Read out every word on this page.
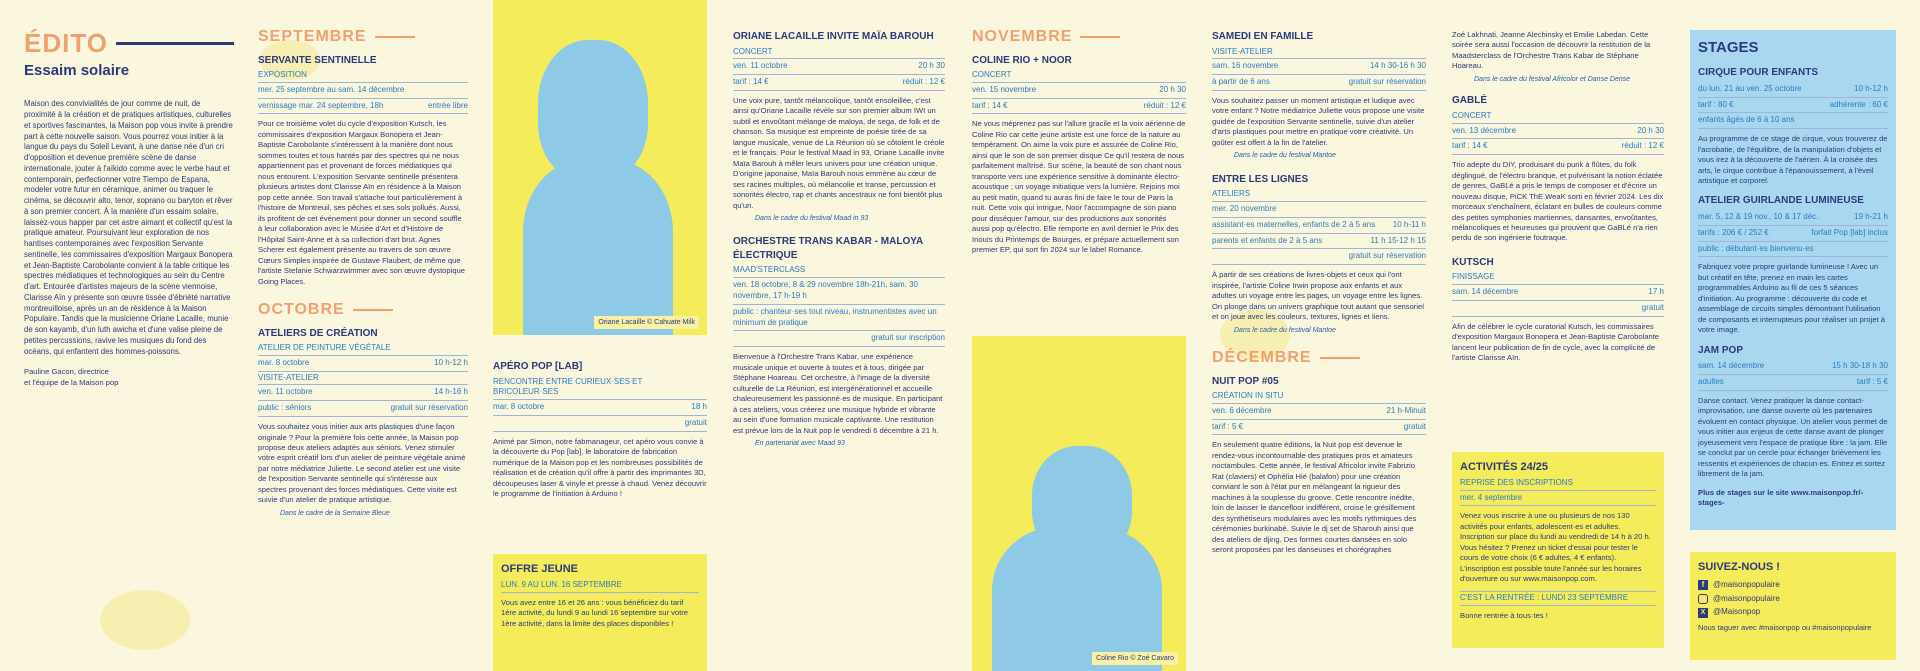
ÉDITO
Essaim solaire
Maison des convivialités de jour comme de nuit, de proximité à la création et de pratiques artistiques, culturelles et sportives fascinantes, la Maison pop vous invite à prendre part à cette nouvelle saison. Vous pourrez vous initier à la langue du pays du Soleil Levant, à une danse née d'un cri d'opposition et devenue première scène de danse internationale, jouter à l'aïkido comme avec le verbe haut et contemporain, perfectionner votre Tiempo de Espana, modeler votre futur en céramique, animer ou traquer le cinéma, se découvrir alto, tenor, soprano ou baryton et rêver à son premier concert. À la manière d'un essaim solaire, laissez-vous happer par cet astre aimant et collectif qu'est la pratique amateur. Poursuivant leur exploration de nos hantises contemporaines avec l'exposition Servante sentinelle, les commissaires d'exposition Margaux Bonopera et Jean-Baptiste Carobolante convient à la table critique les spectres médiatiques et technologiques au sein du Centre d'art. Entourée d'artistes majeurs de la scène viennoise, Clarisse Aïn y présente son œuvre tissée d'ébriété narrative montreuilloise, après un an de résidence à la Maison Populaire. Tandis que la musicienne Oriane Lacaille, munie de son kayamb, d'un luth awicha et d'une valise pleine de petites percussions, ravive les musiques du fond des océans, qui enfantent des hommes-poissons.
Pauline Gacon, directrice
et l'équipe de la Maison pop
SEPTEMBRE
SERVANTE SENTINELLE
EXPOSITION
mer. 25 septembre au sam. 14 décembre
vernissage mar. 24 septembre, 18h	entrée libre
Pour ce troisième volet du cycle d'exposition Kutsch, les commissaires d'exposition Margaux Bonopera et Jean-Baptiste Carobolante s'intéressent à la manière dont nous sommes toutes et tous hantés par des spectres qui ne nous appartiennent pas et provenant de forces médiatiques qui nous entourent. L'exposition Servante sentinelle présentera plusieurs artistes dont Clarisse Aïn en résidence à la Maison pop cette année. Son travail s'attache tout particulièrement à l'histoire de Montreuil, ses pêches et ses sols pollués. Aussi, ils profitent de cet événement pour donner un second souffle à leur collaboration avec le Musée d'Art et d'Histoire de l'Hôpital Saint-Anne et à sa collection d'art brut. Agnes Scherer est également présente au travers de son œuvre Cœurs Simples inspirée de Gustave Flaubert, de même que l'artiste Stefanie Schwarzwimmer avec son œuvre dystopique Going Places.
OCTOBRE
ATELIERS DE CRÉATION
ATELIER DE PEINTURE VÉGÉTALE
mar. 8 octobre	10 h-12 h
VISITE-ATELIER
ven. 11 octobre	14 h-16 h
public : séniors	gratuit sur réservation
Vous souhaitez vous initier aux arts plastiques d'une façon originale ? Pour la première fois cette année, la Maison pop propose deux ateliers adaptés aux séniors. Venez stimuler votre esprit créatif lors d'un atelier de peinture végétale animé par notre médiatrice Juliette. Le second atelier est une visite de l'exposition Servante sentinelle qui s'intéresse aux spectres provenant des forces médiatiques. Cette visite est suivie d'un atelier de pratique artistique.
Dans le cadre de la Semaine Bleue
Oriane Lacaille © Cahuate Milk
APÉRO POP [LAB]
RENCONTRE ENTRE CURIEUX·SES ET BRICOLEUR·SES
mar. 8 octobre	18 h
gratuit
Animé par Simon, notre fabmanageur, cet apéro vous convie à la découverte du Pop [lab], le laboratoire de fabrication numérique de la Maison pop et les nombreuses possibilités de réalisation et de création qu'il offre à partir des imprimantes 3D, découpeuses laser & vinyle et presse à chaud. Venez découvrir le programme de l'initiation à Arduino !
OFFRE JEUNE
LUN. 9 AU LUN. 16 SEPTEMBRE
Vous avez entre 16 et 26 ans : vous bénéficiez du tarif 1ère activité, du lundi 9 au lundi 16 septembre sur votre 1ère activité, dans la limite des places disponibles !
ORIANE LACAILLE INVITE MAÏA BAROUH
CONCERT
ven. 11 octobre	20 h 30
tarif : 14 €	réduit : 12 €
Une voix pure, tantôt mélancolique, tantôt ensoleillée, c'est ainsi qu'Oriane Lacaille révèle sur son premier album IWI un subtil et envoûtant mélange de maloya, de sega, de folk et de chanson. Sa musique est empreinte de poésie tirée de sa langue musicale, venue de La Réunion où se côtoient le créole et le français. Pour le festival Maad in 93, Oriane Lacaille invite Maïa Barouh à mêler leurs univers pour une création unique. D'origine japonaise, Maïa Barouh nous emmène au cœur de ses racines multiples, où mélancolie et transe, percussion et sonorités électro, rap et chants ancestraux ne font bientôt plus qu'un.
Dans le cadre du festival Maad in 93
ORCHESTRE TRANS KABAR - MALOYA ÉLECTRIQUE
MAAD'STERCLASS
ven. 18 octobre, 8 & 29 novembre 18h-21h, sam. 30 novembre, 17 h-19 h
public : chanteur·ses tout niveau, instrumentistes avec un minimum de pratique
gratuit sur inscription
Bienvenue à l'Orchestre Trans Kabar, une expérience musicale unique et ouverte à toutes et à tous, dirigée par Stéphane Hoareau. Cet orchestre, à l'image de la diversité culturelle de La Réunion, est intergénérationnel et accueille chaleureusement les passionné·es de musique. En participant à ces ateliers, vous créerez une musique hybride et vibrante au sein d'une formation musicale captivante. Une restitution est prévue lors de la Nuit pop le vendredi 6 décembre à 21 h.
En partenariat avec Maad 93
NOVEMBRE
COLINE RIO + NOOR
CONCERT
ven. 15 novembre	20 h 30
tarif : 14 €	réduit : 12 €
Ne vous méprenez pas sur l'allure gracile et la voix aérienne de Coline Rio car cette jeune artiste est une force de la nature au tempérament. On aime la voix pure et assurée de Coline Rio, ainsi que le son de son premier disque Ce qu'il restera de nous parfaitement maîtrisé. Sur scène, la beauté de son chant nous transporte vers une expérience sensitive à dominante électro-acoustique ; un voyage initiatique vers la lumière. Rejoins moi au petit matin, quand tu auras fini de faire le tour de Paris la nuit. Cette voix qui intrigue, Noor l'accompagne de son piano pour disséquer l'amour, sur des productions aux sonorités aussi pop qu'électro. Elle remporte en avril dernier le Prix des Inouïs du Printemps de Bourges, et prépare actuellement son premier EP, qui sort fin 2024 sur le label Romance.
Coline Rio © Zoé Cavaro
SAMEDI EN FAMILLE
VISITE-ATELIER
sam. 16 novembre	14 h 30-16 h 30
à partir de 6 ans	gratuit sur réservation
Vous souhaitez passer un moment artistique et ludique avec votre enfant ? Notre médiatrice Juliette vous propose une visite guidée de l'exposition Servante sentinelle, suivie d'un atelier d'arts plastiques pour mettre en pratique votre créativité. Un goûter est offert à la fin de l'atelier.
Dans le cadre du festival Mantoe
ENTRE LES LIGNES
ATELIERS
mer. 20 novembre
assistant·es maternelles, enfants de 2 à 5 ans 10 h-11 h
parents et enfants de 2 à 5 ans	11 h 15-12 h 15
gratuit sur réservation
À partir de ses créations de livres-objets et ceux qui l'ont inspirée, l'artiste Coline Irwin propose aux enfants et aux adultes un voyage entre les pages, un voyage entre les lignes. On plonge dans un univers graphique tout autant que sensoriel et on joue avec les couleurs, textures, lignes et liens.
Dans le cadre du festival Mantoe
DÉCEMBRE
NUIT POP #05
CRÉATION IN SITU
ven. 6 décembre	21 h-Minuit
tarif : 5 €	gratuit
En seulement quatre éditions, la Nuit pop est devenue le rendez-vous incontournable des pratiques pros et amateurs noctambules. Cette année, le festival Africolor invite Fabrizio Rat (claviers) et Ophélia Hié (balafon) pour une création conviant le son à l'état pur en mélangeant la rigueur des machines à la souplesse du groove. Cette rencontre inédite, loin de laisser le dancefloor indifférent, croise le grésillement des synthétiseurs modulaires avec les motifs rythmiques des cérémonies burkinabè. Suivie le dj set de Sharouh ainsi que des ateliers de djing. Des formes courtes dansées en solo seront proposées par les danseuses et chorégraphes
Zoé Lakhnati, Jeanne Alechinsky et Emilie Labedan. Cette soirée sera aussi l'occasion de découvrir la restitution de la Maadsterclass de l'Orchestre Trans Kabar de Stéphane Hoareau.
Dans le cadre du festival Africolor et Danse Dense
GABLÉ
CONCERT
ven. 13 décembre	20 h 30
tarif : 14 €	réduit : 12 €
Trio adepte du DIY, produisant du punk à flûtes, du folk déglingué, de l'électro branque, et pulvérisant la notion éclatée de genres, GaBLé a pris le temps de composer et d'écrire un nouveau disque, PiCK ThE WeaK sorti en février 2024. Les dix morceaux s'enchaînent, éclatant en bulles de couleurs comme des petites symphonies martiennes, dansantes, envoûtantes, mélancoliques et heureuses qui prouvent que GaBLé n'a rien perdu de son ingénierie foutraque.
KUTSCH
FINISSAGE
sam. 14 décembre	17 h
gratuit
Afin de célébrer le cycle curatorial Kutsch, les commissaires d'exposition Margaux Bonopera et Jean-Baptiste Carobolante lancent leur publication de fin de cycle, avec la complicité de l'artiste Clarisse Aïn.
ACTIVITÉS 24/25
REPRISE DES INSCRIPTIONS
mer. 4 septembre
Venez vous inscrire à une ou plusieurs de nos 130 activités pour enfants, adolescent·es et adultes. Inscription sur place du lundi au vendredi de 14 h à 20 h. Vous hésitez ? Prenez un ticket d'essai pour tester le cours de votre choix (6 € adultes, 4 € enfants). L'inscription est possible toute l'année sur les horaires d'ouverture ou sur www.maisonpop.com.
C'EST LA RENTRÉE : LUNDI 23 SEPTEMBRE
Bonne rentrée à tous·tes !
STAGES
CIRQUE POUR ENFANTS
du lun. 21 au ven. 25 octobre	10 h-12 h
tarif : 80 €	adhérente : 60 €
enfants âgés de 6 à 10 ans
Au programme de ce stage de cirque, vous trouverez de l'acrobatie, de l'équilibre, de la manipulation d'objets et vous irez à la découverte de l'aérien. À la croisée des arts, le cirque contribue à l'épanouissement, à l'éveil artistique et corporel.
ATELIER GUIRLANDE LUMINEUSE
mar. 5, 12 & 19 nov., 10 & 17 déc.	19 h-21 h
tarifs : 206 € / 252 €	forfait Pop [lab] inclus
public : débutant·es bienvenu·es
Fabriquez votre propre guirlande lumineuse ! Avec un but créatif en tête, prenez en main les cartes programmables Arduino au fil de ces 5 séances d'initiation. Au programme : découverte du code et assemblage de circuits simples démontrant l'utilisation de composants et interrupteurs pour réaliser un projet à votre image.
JAM POP
sam. 14 décembre	15 h 30-18 h 30
adultes	tarif : 5 €
Danse contact. Venez pratiquer la danse contact-improvisation, une danse ouverte où les partenaires évoluent en contact physique. Un atelier vous permet de vous initier aux enjeux de cette danse avant de plonger joyeusement vers l'espace de pratique libre : la jam. Elle se conclut par un cercle pour échanger brièvement les ressentis et expériences de chacun·es. Entrez et sortez librement de la jam.
Plus de stages sur le site www.maisonpop.fr/-stages-
SUIVEZ-NOUS !
f	@maisonpopulaire
@maisonpopulaire
X @Maisonpop
Nous taguer avec #maisonpop ou #maisonpopulaire
